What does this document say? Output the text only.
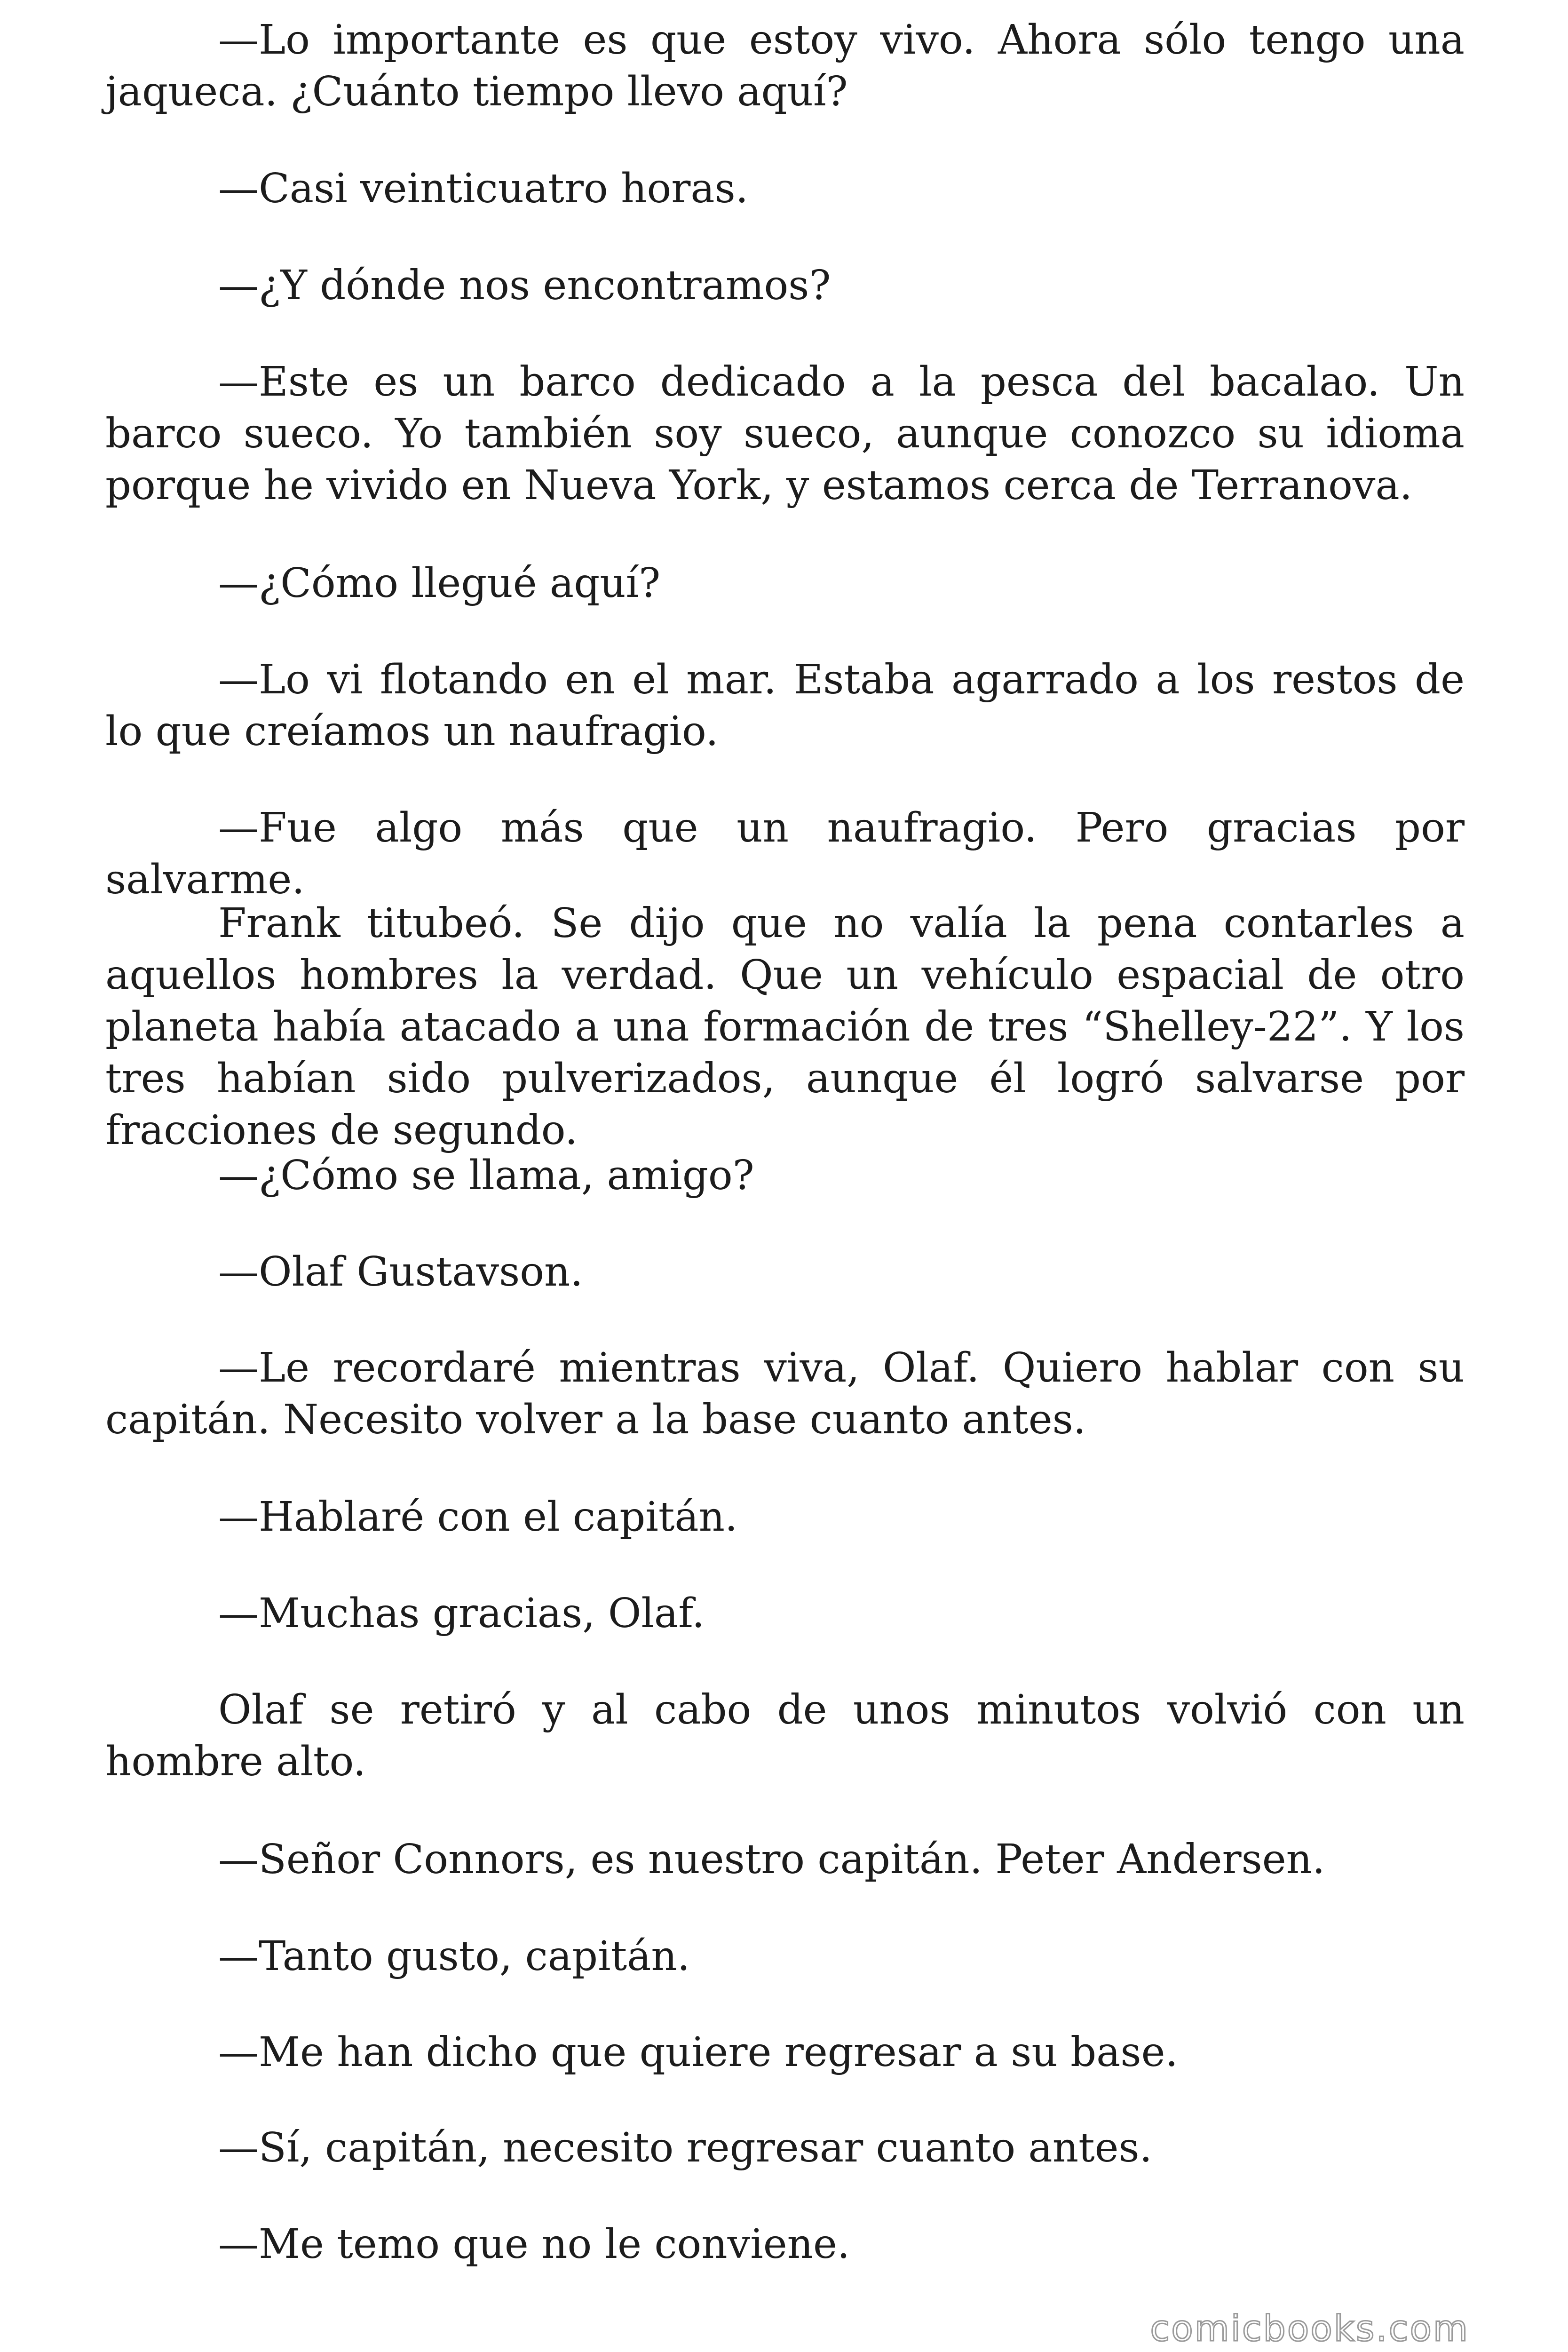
—Lo importante es que estoy vivo. Ahora sólo tengo una jaqueca. ¿Cuánto tiempo llevo aquí?

—Casi veinticuatro horas.

—¿Y dónde nos encontramos?

—Este es un barco dedicado a la pesca del bacalao. Un barco sueco. Yo también soy sueco, aunque conozco su idioma porque he vivido en Nueva York, y estamos cerca de Terranova.

—¿Cómo llegué aquí?

—Lo vi flotando en el mar. Estaba agarrado a los restos de lo que creíamos un naufragio.

—Fue algo más que un naufragio. Pero gracias por salvarme.

Frank titubeó. Se dijo que no valía la pena contarles a aquellos hombres la verdad. Que un vehículo espacial de otro planeta había atacado a una formación de tres “Shelley-22”. Y los tres habían sido pulverizados, aunque él logró salvarse por fracciones de segundo.

—¿Cómo se llama, amigo?

—Olaf Gustavson.

—Le recordaré mientras viva, Olaf. Quiero hablar con su capitán. Necesito volver a la base cuanto antes.

—Hablaré con el capitán.

—Muchas gracias, Olaf.

Olaf se retiró y al cabo de unos minutos volvió con un hombre alto.

—Señor Connors, es nuestro capitán. Peter Andersen.

—Tanto gusto, capitán.

—Me han dicho que quiere regresar a su base.

—Sí, capitán, necesito regresar cuanto antes.

—Me temo que no le conviene.

comicbooks.com
